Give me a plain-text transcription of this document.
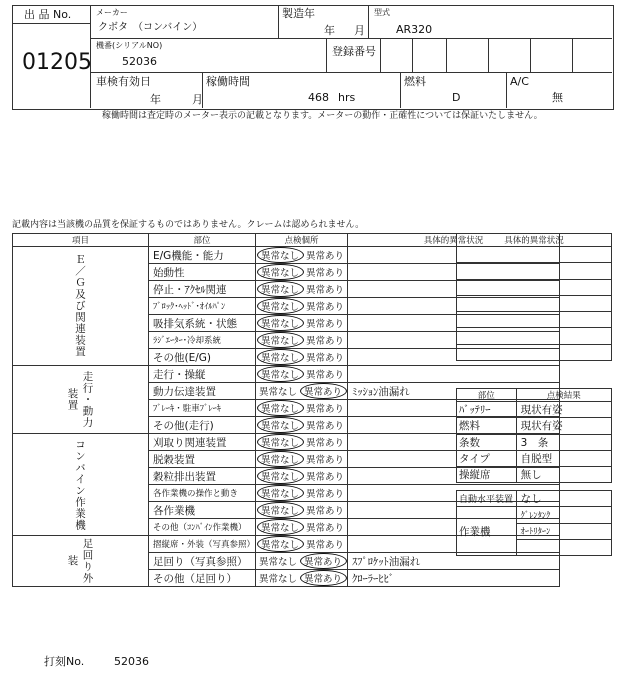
出 品 No.
01205
メーカー
クボタ　（コンバイン）
製造年
年 月
型式
AR320
機番(シリアルNO)
52036
登録番号
車検有効日
年	月
稼働時間
468 hrs
燃料
D
A/C
無
稼働時間は査定時のメーター表示の記載となります。メーターの動作・正確性については保証いたしません。
記載内容は当該機の品質を保証するものではありません。クレームは認められません。
項目	部位	点検個所	具体的異常状況
Ｅ／Ｇ及び関連装置	E/G機能・能力	異常なし 異常あり	
	始動性	異常なし 異常あり	
	停止・ｱｸｾﾙ関連	異常なし 異常あり	
	ﾌﾞﾛｯｸ･ﾍｯﾄﾞ･ｵｲﾙﾊﾟﾝ	異常なし 異常あり	
	吸排気系統・状態	異常なし 異常あり	
	ﾗｼﾞｴｰﾀｰ･冷却系統	異常なし 異常あり	
	その他(E/G)	異常なし 異常あり	
走行・動力装置	走行・操縦	異常なし 異常あり	
	動力伝達装置	異常なし 異常あり	ﾐｯｼｮﾝ油漏れ
	ﾌﾞﾚｰｷ・駐車ﾌﾞﾚｰｷ	異常なし 異常あり	
	その他(走行)	異常なし 異常あり	
コンバイン作業機	刈取り関連装置	異常なし 異常あり	
	脱穀装置	異常なし 異常あり	
	穀粒排出装置	異常なし 異常あり	
	各作業機の操作と動き	異常なし 異常あり	
	各作業機	異常なし 異常あり	
	その他（ｺﾝﾊﾞｲﾝ作業機）	異常なし 異常あり	
足回り外装	摺縦席・外装（写真参照）	異常なし 異常あり	
	足回り（写真参照）	異常なし 異常あり	ｽﾌﾟﾛｹｯﾄ油漏れ
	その他（足回り）	異常なし 異常あり	ｸﾛｰﾗｰﾋﾋﾞ
具体的異常状況

部位	点検結果
ﾊﾞｯﾃﾘｰ	現状有姿
燃料	現状有姿
条数	3　条
タイプ	自脱型
操縦席	無し
自動水平装置	なし
作業機	ｸﾞﾚﾝﾀﾝｸ
	ｵｰﾄﾘﾀｰﾝ

打刻No.	52036
